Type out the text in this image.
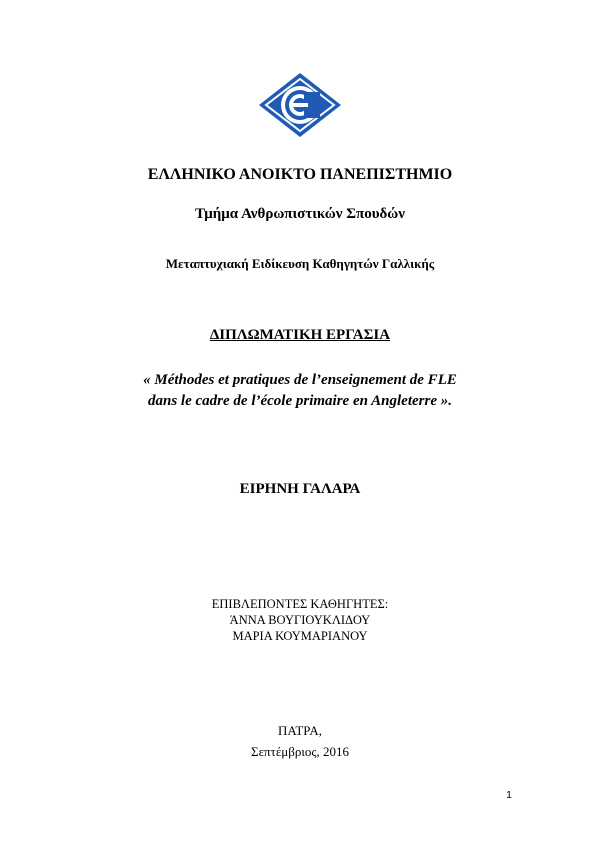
ΕΛΛΗΝΙΚΟ ΑΝΟΙΚΤΟ ΠΑΝΕΠΙΣΤΗΜΙΟ
Τμήμα Ανθρωπιστικών Σπουδών
Μεταπτυχιακή Ειδίκευση Καθηγητών Γαλλικής
ΔΙΠΛΩΜΑΤΙΚΗ ΕΡΓΑΣΙΑ
« Méthodes et pratiques de l’enseignement de FLE
dans le cadre de l’école primaire en Angleterre ».
ΕΙΡΗΝΗ ΓΑΛΑΡΑ
ΕΠΙΒΛΕΠΟΝΤΕΣ ΚΑΘΗΓΗΤΕΣ:
ΆΝΝΑ ΒΟΥΓΙΟΥΚΛΙΔΟΥ
ΜΑΡΙΑ ΚΟΥΜΑΡΙΑΝΟΥ
ΠΑΤΡΑ,
Σεπτέμβριος, 2016
1
